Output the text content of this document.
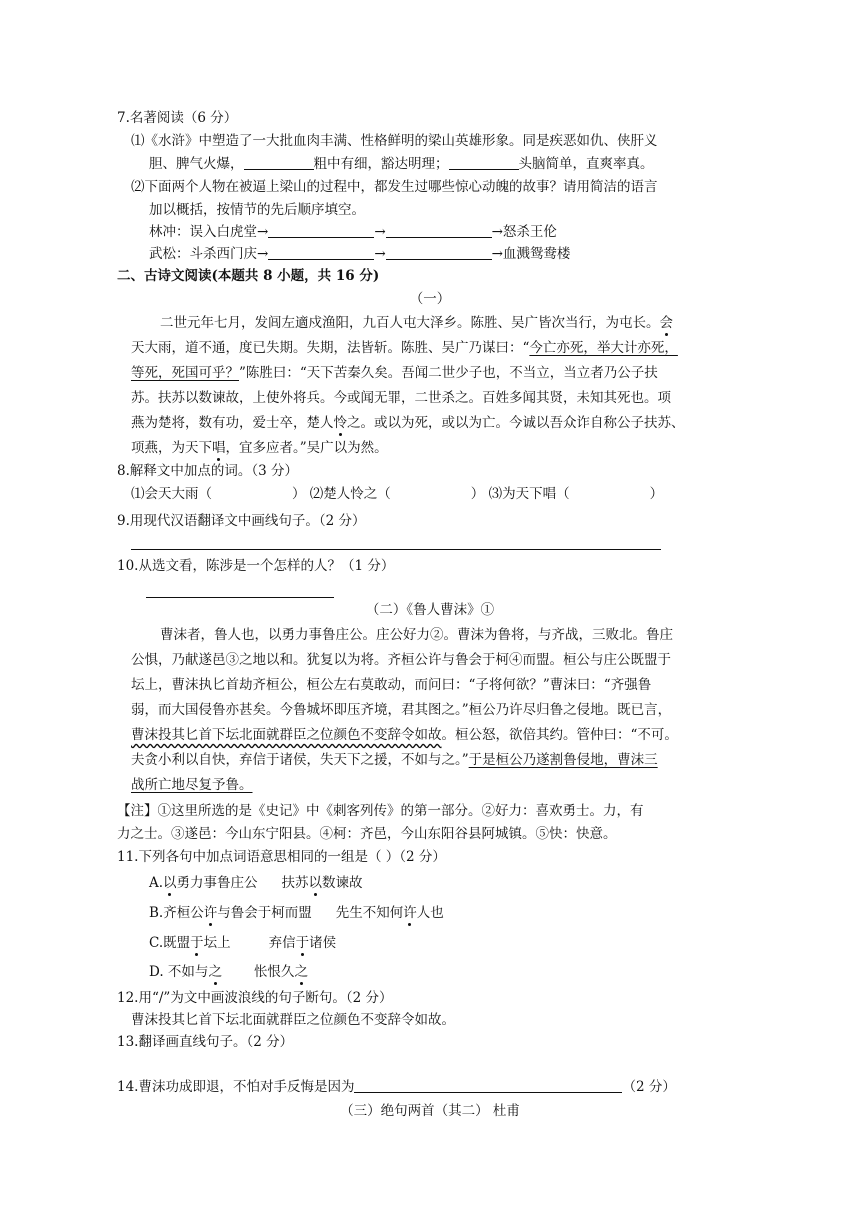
7.名著阅读（6 分）
⑴《水浒》中塑造了一大批血肉丰满、性格鲜明的梁山英雄形象。同是疾恶如仇、侠肝义
胆、脾气火爆，	粗中有细，豁达明理；	头脑简单，直爽率真。
⑵下面两个人物在被逼上梁山的过程中，都发生过哪些惊心动魄的故事？请用简洁的语言
加以概括，按情节的先后顺序填空。
林冲：误入白虎堂→	→	→怒杀王伦
武松：斗杀西门庆→	→	→血溅鸳鸯楼
二、古诗文阅读(本题共 8 小题，共 16 分)
（一）
二世元年七月，发闾左適戍渔阳，九百人屯大泽乡。陈胜、吴广皆次当行，为屯长。会
天大雨，道不通，度已失期。失期，法皆斩。陈胜、吴广乃谋曰：“今亡亦死，举大计亦死，
等死，死国可乎？”陈胜曰：“天下苦秦久矣。吾闻二世少子也，不当立，当立者乃公子扶
苏。扶苏以数谏故，上使外将兵。今或闻无罪，二世杀之。百姓多闻其贤，未知其死也。项
燕为楚将，数有功，爱士卒，楚人怜之。或以为死，或以为亡。今诚以吾众诈自称公子扶苏、
项燕，为天下唱，宜多应者。”吴广以为然。
8.解释文中加点的词。（3 分）
⑴会天大雨（	） ⑵楚人怜之（	） ⑶为天下唱（	）
9.用现代汉语翻译文中画线句子。（2 分）
10.从选文看，陈涉是一个怎样的人？（1 分）
（二）《鲁人曹沫》①
曹沫者，鲁人也，以勇力事鲁庄公。庄公好力②。曹沫为鲁将，与齐战，三败北。鲁庄
公惧，乃献遂邑③之地以和。犹复以为将。齐桓公许与鲁会于柯④而盟。桓公与庄公既盟于
坛上，曹沫执匕首劫齐桓公，桓公左右莫敢动，而问曰：“子将何欲？”曹沫曰：“齐强鲁
弱，而大国侵鲁亦甚矣。今鲁城坏即压齐境，君其图之。”桓公乃许尽归鲁之侵地。既已言，
曹沫投其匕首下坛北面就群臣之位颜色不变辞令如故。桓公怒，欲倍其约。管仲曰：“不可。
夫贪小利以自快，弃信于诸侯，失天下之援，不如与之。”于是桓公乃遂割鲁侵地，曹沫三
战所亡地尽复予鲁。
【注】①这里所选的是《史记》中《刺客列传》的第一部分。②好力：喜欢勇士。力，有
力之士。③遂邑：今山东宁阳县。④柯：齐邑，今山东阳谷县阿城镇。⑤快：快意。
11.下列各句中加点词语意思相同的一组是（ ）（2 分）
A.以勇力事鲁庄公 扶苏以数谏故
B.齐桓公许与鲁会于柯而盟 先生不知何许人也
C.既盟于坛上	弃信于诸侯
D. 不如与之 怅恨久之
12.用“/”为文中画波浪线的句子断句。（2 分）
曹沫投其匕首下坛北面就群臣之位颜色不变辞令如故。
13.翻译画直线句子。（2 分）
14.曹沫功成即退，不怕对手反悔是因为	（2 分）
（三）绝句两首（其二） 杜甫
